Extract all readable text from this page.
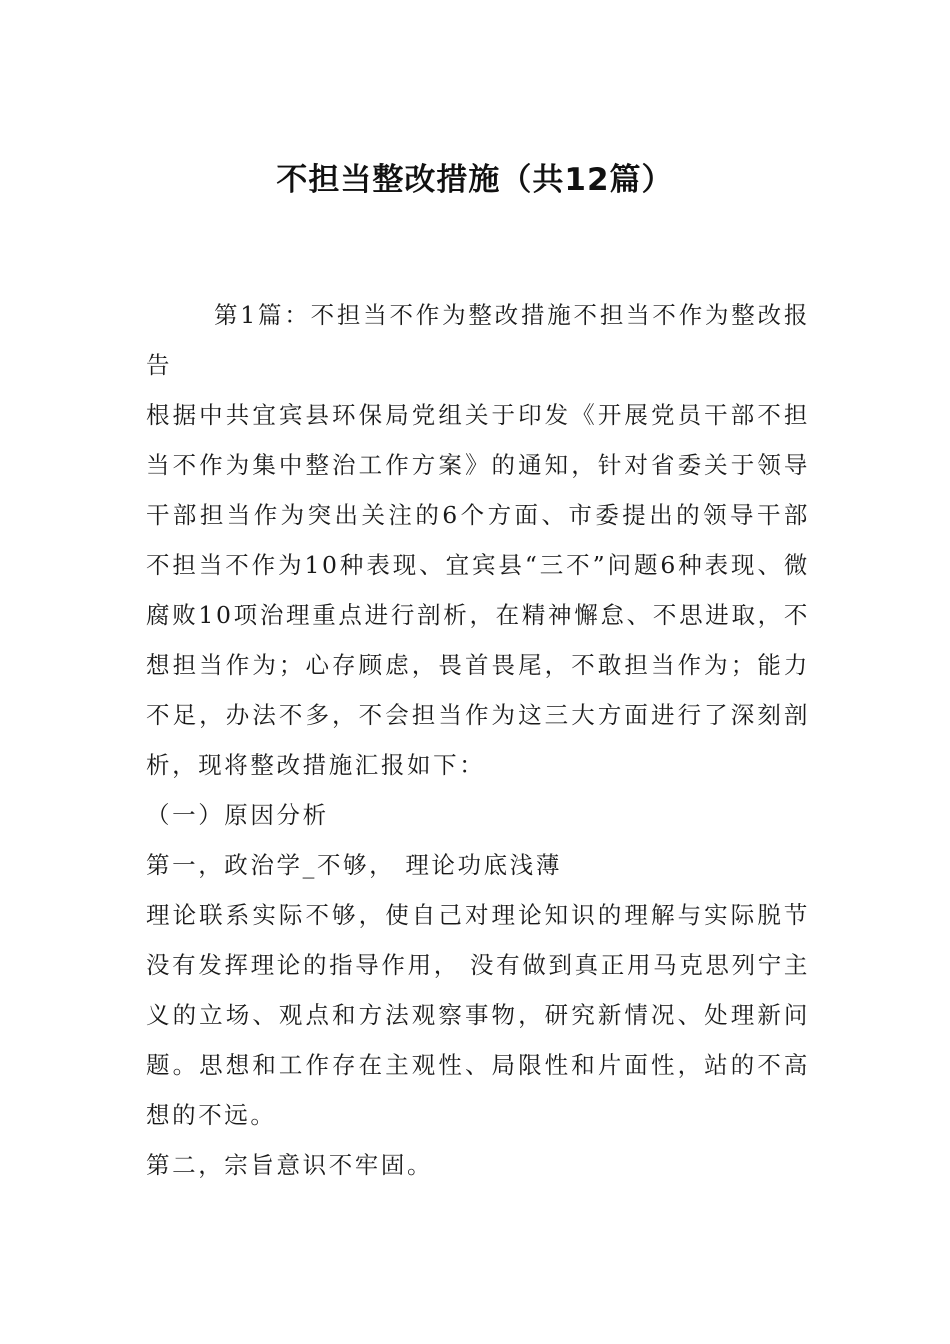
不担当整改措施（共12篇）

第1篇：不担当不作为整改措施不担当不作为整改报告

根据中共宜宾县环保局党组关于印发《开展党员干部不担当不作为集中整治工作方案》的通知，针对省委关于领导干部担当作为突出关注的6个方面、市委提出的领导干部不担当不作为10种表现、宜宾县“三不”问题6种表现、微腐败10项治理重点进行剖析，在精神懈怠、不思进取，不想担当作为；心存顾虑，畏首畏尾，不敢担当作为；能力不足，办法不多，不会担当作为这三大方面进行了深刻剖析，现将整改措施汇报如下：

（一）原因分析

第一，政治学_不够， 理论功底浅薄

理论联系实际不够，使自己对理论知识的理解与实际脱节没有发挥理论的指导作用， 没有做到真正用马克思列宁主义的立场、观点和方法观察事物，研究新情况、处理新问题。思想和工作存在主观性、局限性和片面性，站的不高想的不远。

第二，宗旨意识不牢固。
